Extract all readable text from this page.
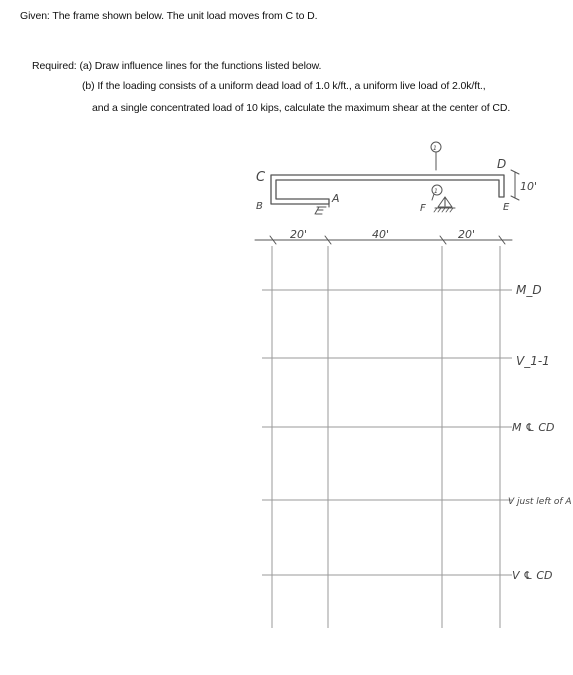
Given: The frame shown below. The unit load moves from C to D.
Required: (a) Draw influence lines for the functions listed below.
(b) If the loading consists of a uniform dead load of 1.0 k/ft., a uniform live load of 2.0k/ft.,
and a single concentrated load of 10 kips, calculate the maximum shear at the center of CD.
C
B
A
F
D
E
1
1	10'
20'	40'	20'
M_D
V_1-1
M ℄ CD
V just left of A
V ℄ CD
